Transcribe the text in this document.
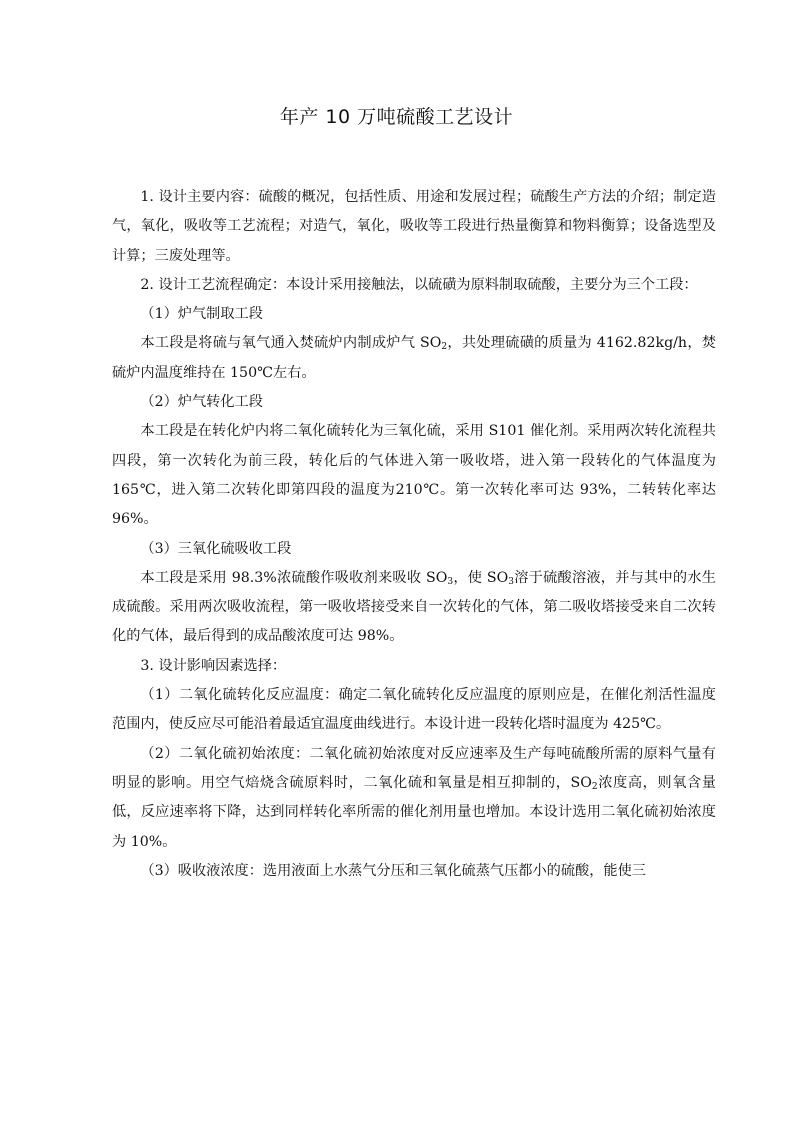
年产 10 万吨硫酸工艺设计

1. 设计主要内容：硫酸的概况，包括性质、用途和发展过程；硫酸生产方法的介绍；制定造气，氧化，吸收等工艺流程；对造气，氧化，吸收等工段进行热量衡算和物料衡算；设备选型及计算；三废处理等。

2. 设计工艺流程确定：本设计采用接触法，以硫磺为原料制取硫酸，主要分为三个工段：

（1）炉气制取工段

本工段是将硫与氧气通入焚硫炉内制成炉气 $SO_2$，共处理硫磺的质量为 4162.82kg/h，焚硫炉内温度维持在 150℃左右。

（2）炉气转化工段

本工段是在转化炉内将二氧化硫转化为三氧化硫，采用 S101 催化剂。采用两次转化流程共四段，第一次转化为前三段，转化后的气体进入第一吸收塔，进入第一段转化的气体温度为165℃，进入第二次转化即第四段的温度为210℃。第一次转化率可达 93%，二转转化率达 96%。

（3）三氧化硫吸收工段

本工段是采用 98.3%浓硫酸作吸收剂来吸收 $SO_3$，使 $SO_3$溶于硫酸溶液，并与其中的水生成硫酸。采用两次吸收流程，第一吸收塔接受来自一次转化的气体，第二吸收塔接受来自二次转化的气体，最后得到的成品酸浓度可达 98%。

3. 设计影响因素选择：

（1）二氧化硫转化反应温度：确定二氧化硫转化反应温度的原则应是，在催化剂活性温度范围内，使反应尽可能沿着最适宜温度曲线进行。本设计进一段转化塔时温度为 425℃。

（2）二氧化硫初始浓度：二氧化硫初始浓度对反应速率及生产每吨硫酸所需的原料气量有明显的影响。用空气焙烧含硫原料时，二氧化硫和氧量是相互抑制的，$SO_2$浓度高，则氧含量低，反应速率将下降，达到同样转化率所需的催化剂用量也增加。本设计选用二氧化硫初始浓度为 10%。

（3）吸收液浓度：选用液面上水蒸气分压和三氧化硫蒸气压都小的硫酸，能使三
